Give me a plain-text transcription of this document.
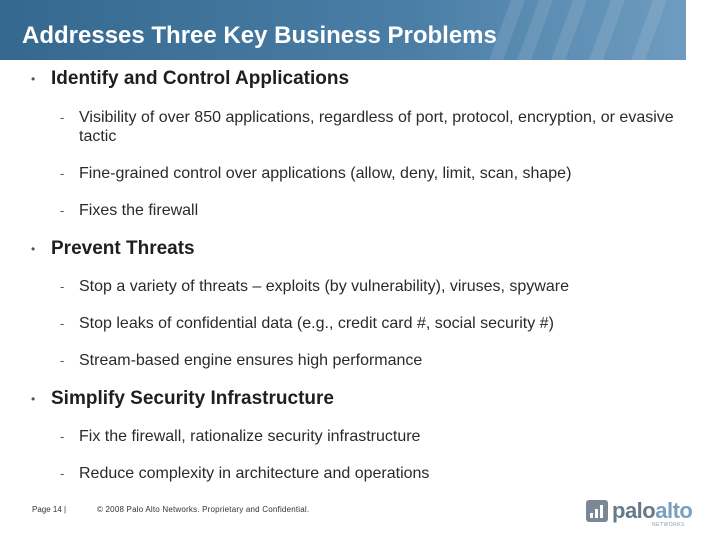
Addresses Three Key Business Problems
• Identify and Control Applications
- Visibility of over 850 applications, regardless of port, protocol, encryption, or evasive tactic
- Fine-grained control over applications (allow, deny, limit, scan, shape)
- Fixes the firewall
• Prevent Threats
- Stop a variety of threats – exploits (by vulnerability), viruses, spyware
- Stop leaks of confidential data (e.g., credit card #, social security #)
- Stream-based engine ensures high performance
• Simplify Security Infrastructure
- Fix the firewall, rationalize security infrastructure
- Reduce complexity in architecture and operations
Page 14 |	© 2008 Palo Alto Networks. Proprietary and Confidential.	paloalto
NETWORKS
